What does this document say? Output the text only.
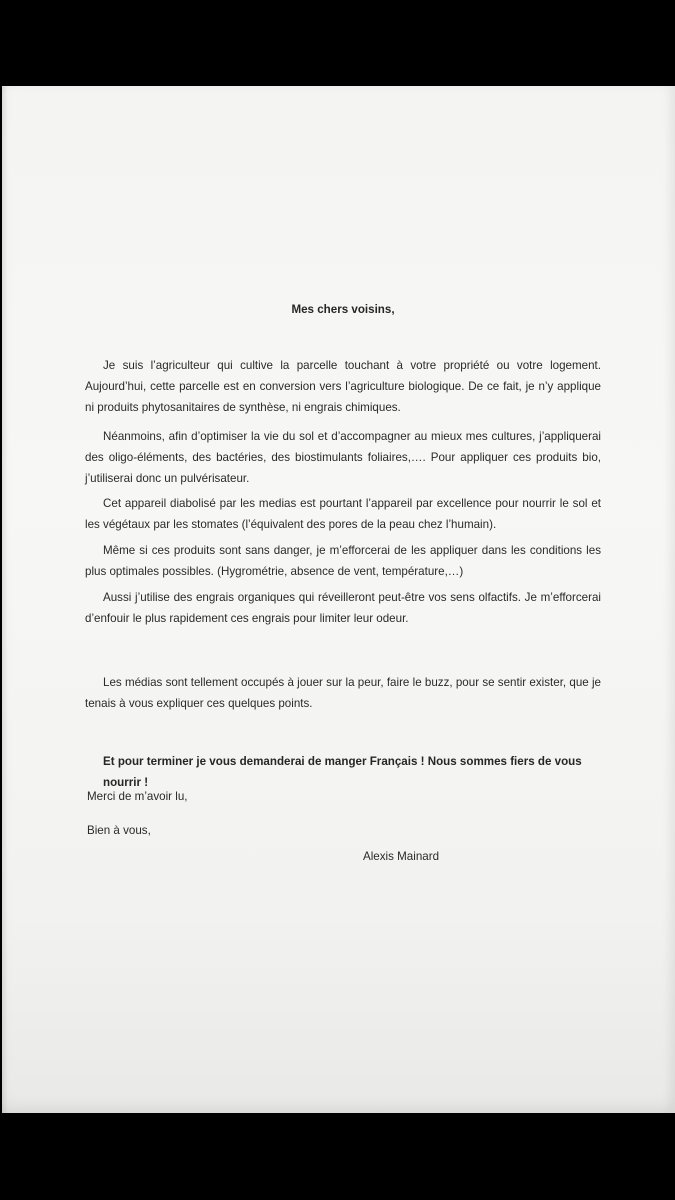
Mes chers voisins,

Je suis l’agriculteur qui cultive la parcelle touchant à votre propriété ou votre logement. Aujourd’hui, cette parcelle est en conversion vers l’agriculture biologique. De ce fait, je n’y applique ni produits phytosanitaires de synthèse, ni engrais chimiques.

Néanmoins, afin d’optimiser la vie du sol et d’accompagner au mieux mes cultures, j’appliquerai des oligo-éléments, des bactéries, des biostimulants foliaires,…. Pour appliquer ces produits bio, j’utiliserai donc un pulvérisateur.

Cet appareil diabolisé par les medias est pourtant l’appareil par excellence pour nourrir le sol et les végétaux par les stomates (l’équivalent des pores de la peau chez l’humain).

Même si ces produits sont sans danger, je m’efforcerai de les appliquer dans les conditions les plus optimales possibles. (Hygrométrie, absence de vent, température,…)

Aussi j’utilise des engrais organiques qui réveilleront peut-être vos sens olfactifs. Je m’efforcerai d’enfouir le plus rapidement ces engrais pour limiter leur odeur.

Les médias sont tellement occupés à jouer sur la peur, faire le buzz, pour se sentir exister, que je tenais à vous expliquer ces quelques points.

Et pour terminer je vous demanderai de manger Français ! Nous sommes fiers de vous nourrir !

Merci de m’avoir lu,

Bien à vous,

Alexis Mainard
